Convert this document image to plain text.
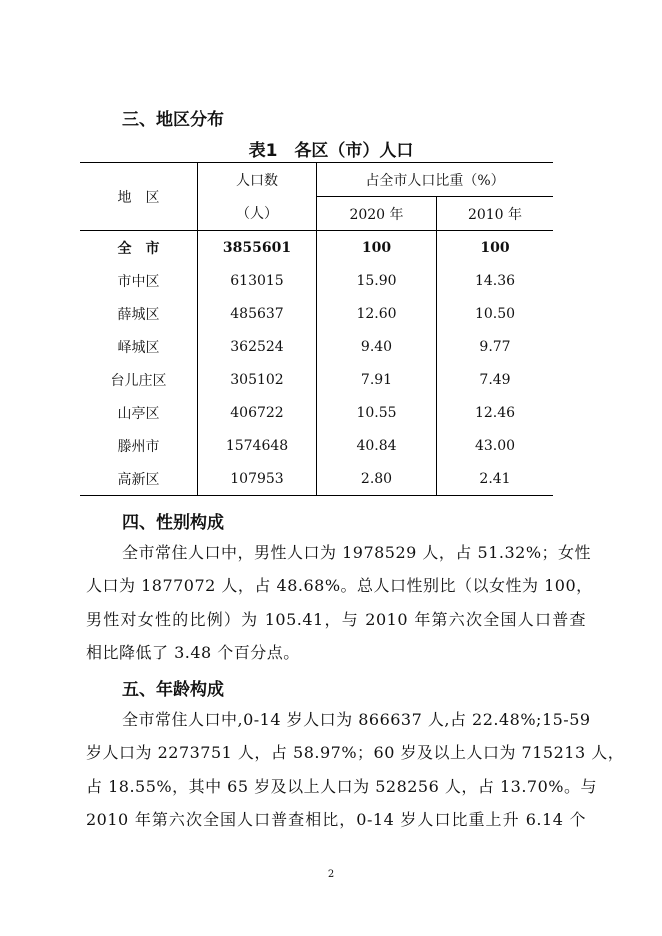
三、地区分布
表1　各区（市）人口
地　区	人口数	占全市人口比重（%）	
	（人）	2020 年	2010 年
全　市	3855601	100	100
市中区	613015	15.90	14.36
薛城区	485637	12.60	10.50
峄城区	362524	9.40	9.77
台儿庄区	305102	7.91	7.49
山亭区	406722	10.55	12.46
滕州市	1574648	40.84	43.00
高新区	107953	2.80	2.41
四、性别构成
全市常住人口中，男性人口为 1978529 人，占 51.32%；女性
人口为 1877072 人，占 48.68%。总人口性别比（以女性为 100，
男性对女性的比例）为 105.41，与 2010 年第六次全国人口普查
相比降低了 3.48 个百分点。
五、年龄构成
全市常住人口中,0-14 岁人口为 866637 人,占 22.48%;15-59
岁人口为 2273751 人，占 58.97%；60 岁及以上人口为 715213 人，
占 18.55%，其中 65 岁及以上人口为 528256 人，占 13.70%。与
2010 年第六次全国人口普查相比，0-14 岁人口比重上升 6.14 个
2
